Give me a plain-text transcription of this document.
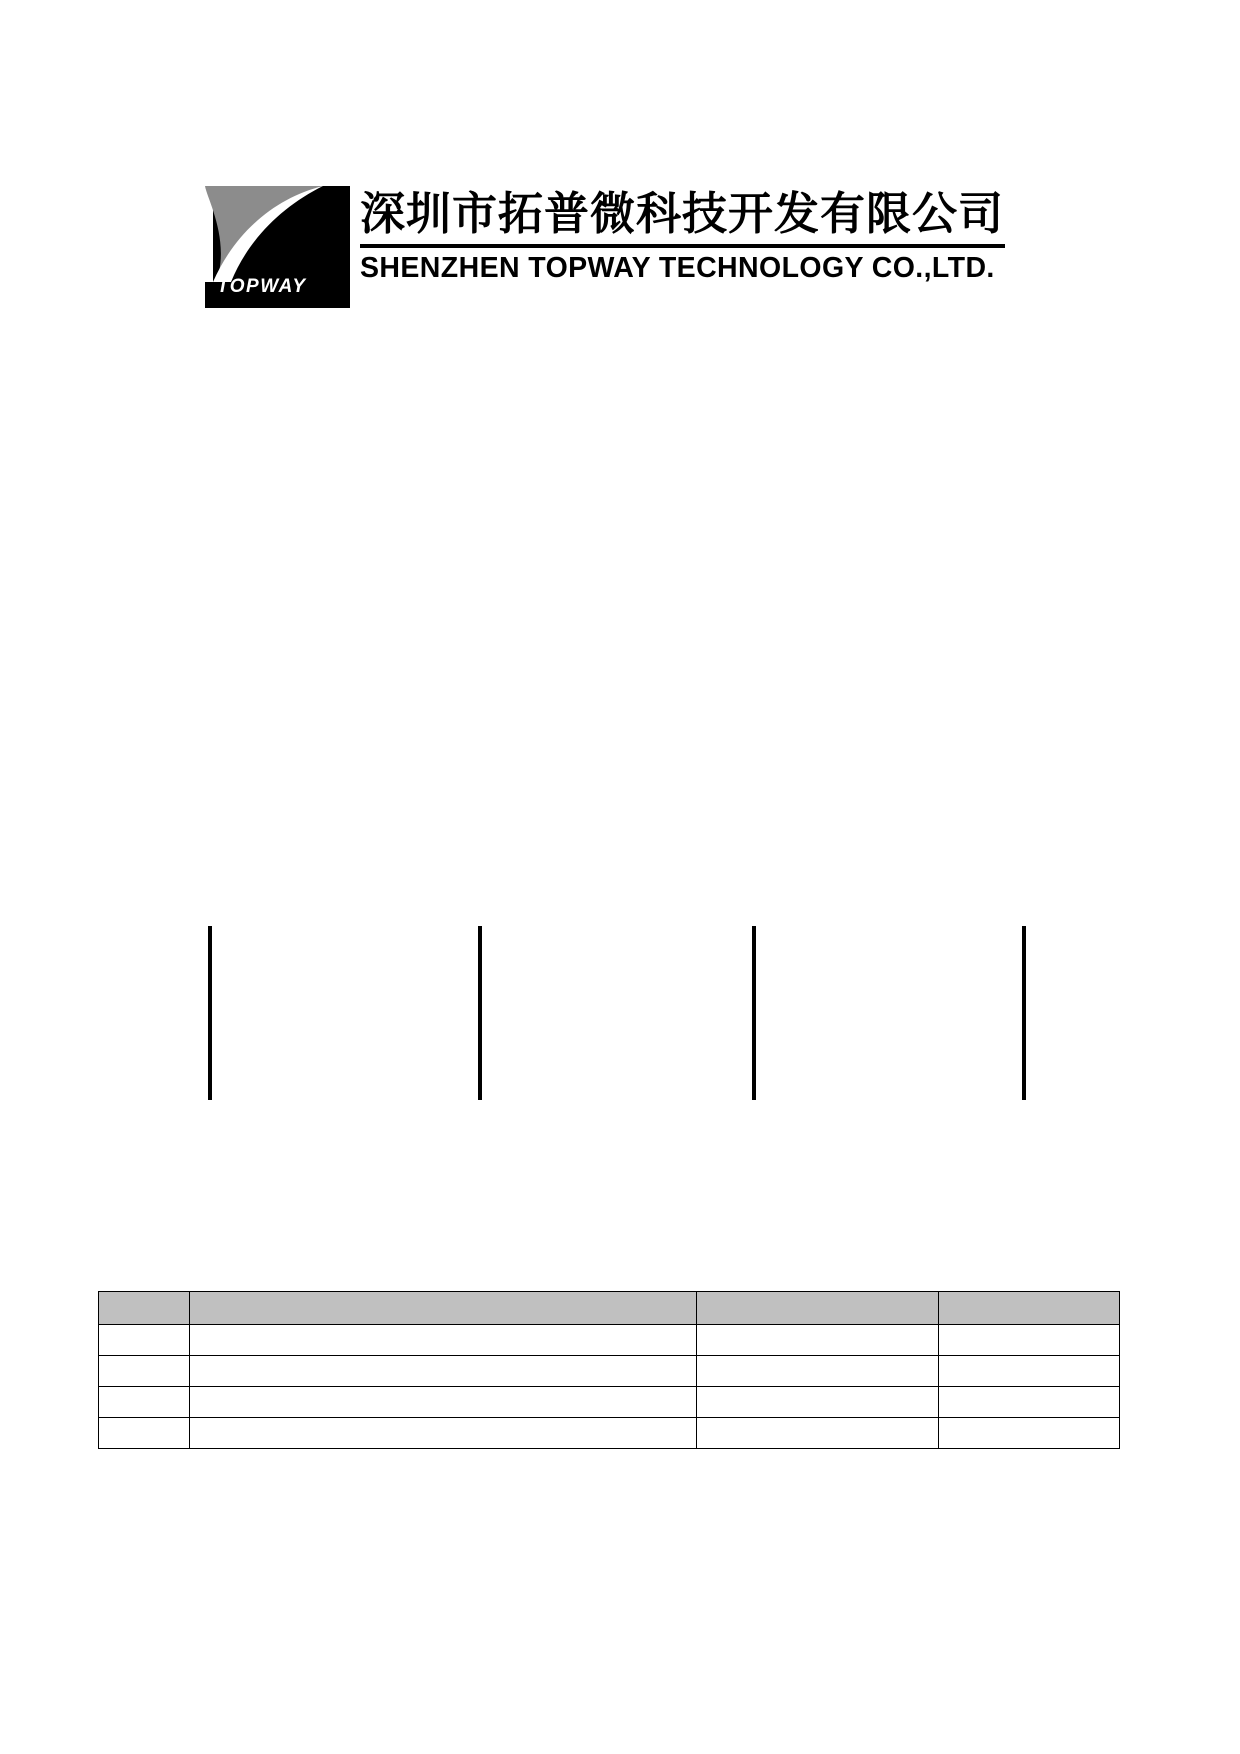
TOPWAY
深圳市拓普微科技开发有限公司
SHENZHEN TOPWAY TECHNOLOGY CO.,LTD.
